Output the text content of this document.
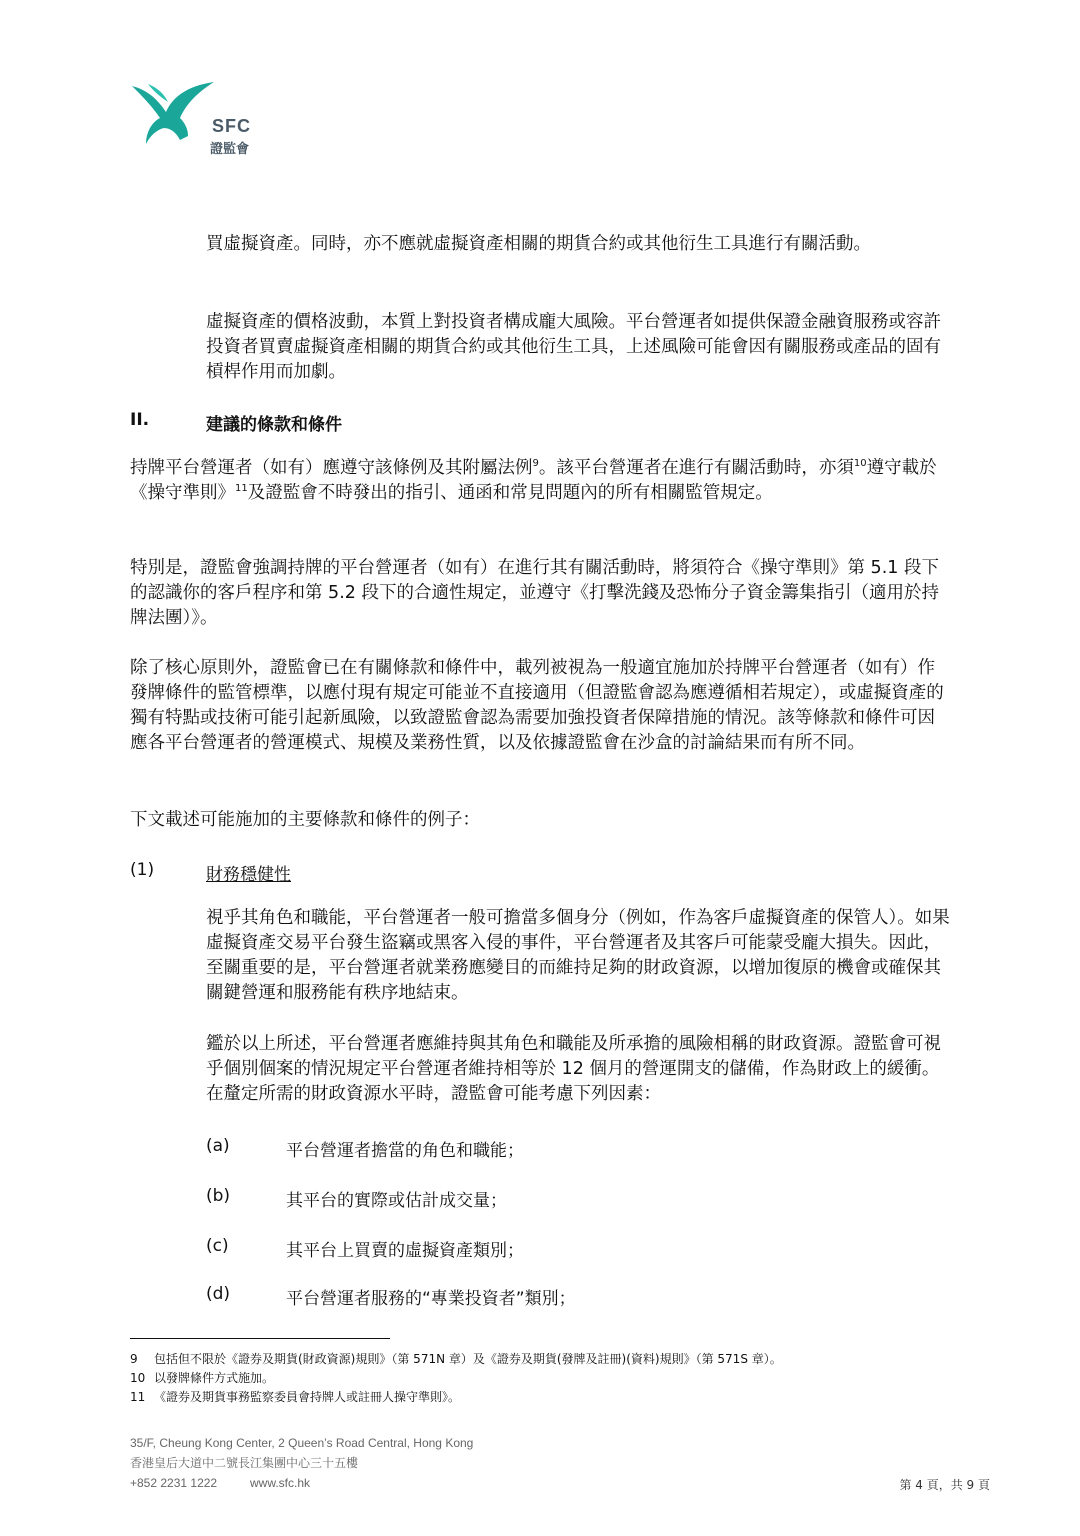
SFC
證監會

買虛擬資產。同時，亦不應就虛擬資產相關的期貨合約或其他衍生工具進行有關活動。

虛擬資產的價格波動，本質上對投資者構成龐大風險。平台營運者如提供保證金融資服務或容許投資者買賣虛擬資產相關的期貨合約或其他衍生工具，上述風險可能會因有關服務或產品的固有槓桿作用而加劇。

II.	建議的條款和條件

持牌平台營運者（如有）應遵守該條例及其附屬法例$^9$。該平台營運者在進行有關活動時，亦須$^{10}$遵守載於《操守準則》$^{11}$及證監會不時發出的指引、通函和常見問題內的所有相關監管規定。

特別是，證監會強調持牌的平台營運者（如有）在進行其有關活動時，將須符合《操守準則》第 5.1 段下的認識你的客戶程序和第 5.2 段下的合適性規定，並遵守《打擊洗錢及恐怖分子資金籌集指引（適用於持牌法團）》。

除了核心原則外，證監會已在有關條款和條件中，載列被視為一般適宜施加於持牌平台營運者（如有）作發牌條件的監管標準，以應付現有規定可能並不直接適用（但證監會認為應遵循相若規定），或虛擬資產的獨有特點或技術可能引起新風險，以致證監會認為需要加強投資者保障措施的情況。該等條款和條件可因應各平台營運者的營運模式、規模及業務性質，以及依據證監會在沙盒的討論結果而有所不同。

下文載述可能施加的主要條款和條件的例子：

(1)	財務穩健性

視乎其角色和職能，平台營運者一般可擔當多個身分（例如，作為客戶虛擬資產的保管人）。如果虛擬資產交易平台發生盜竊或黑客入侵的事件，平台營運者及其客戶可能蒙受龐大損失。因此，至關重要的是，平台營運者就業務應變目的而維持足夠的財政資源，以增加復原的機會或確保其關鍵營運和服務能有秩序地結束。

鑑於以上所述，平台營運者應維持與其角色和職能及所承擔的風險相稱的財政資源。證監會可視乎個別個案的情況規定平台營運者維持相等於 12 個月的營運開支的儲備，作為財政上的緩衝。在釐定所需的財政資源水平時，證監會可能考慮下列因素：

(a)	平台營運者擔當的角色和職能；
(b)	其平台的實際或估計成交量；
(c)	其平台上買賣的虛擬資產類別；
(d)	平台營運者服務的“專業投資者”類別；
9 包括但不限於《證券及期貨(財政資源)規則》（第 571N 章）及《證券及期貨(發牌及註冊)(資料)規則》（第 571S 章）。
10 以發牌條件方式施加。
11 《證券及期貨事務監察委員會持牌人或註冊人操守準則》。
35/F, Cheung Kong Center, 2 Queen’s Road Central, Hong Kong
香港皇后大道中二號長江集團中心三十五樓
+852 2231 1222	www.sfc.hk	第 4 頁，共 9 頁
